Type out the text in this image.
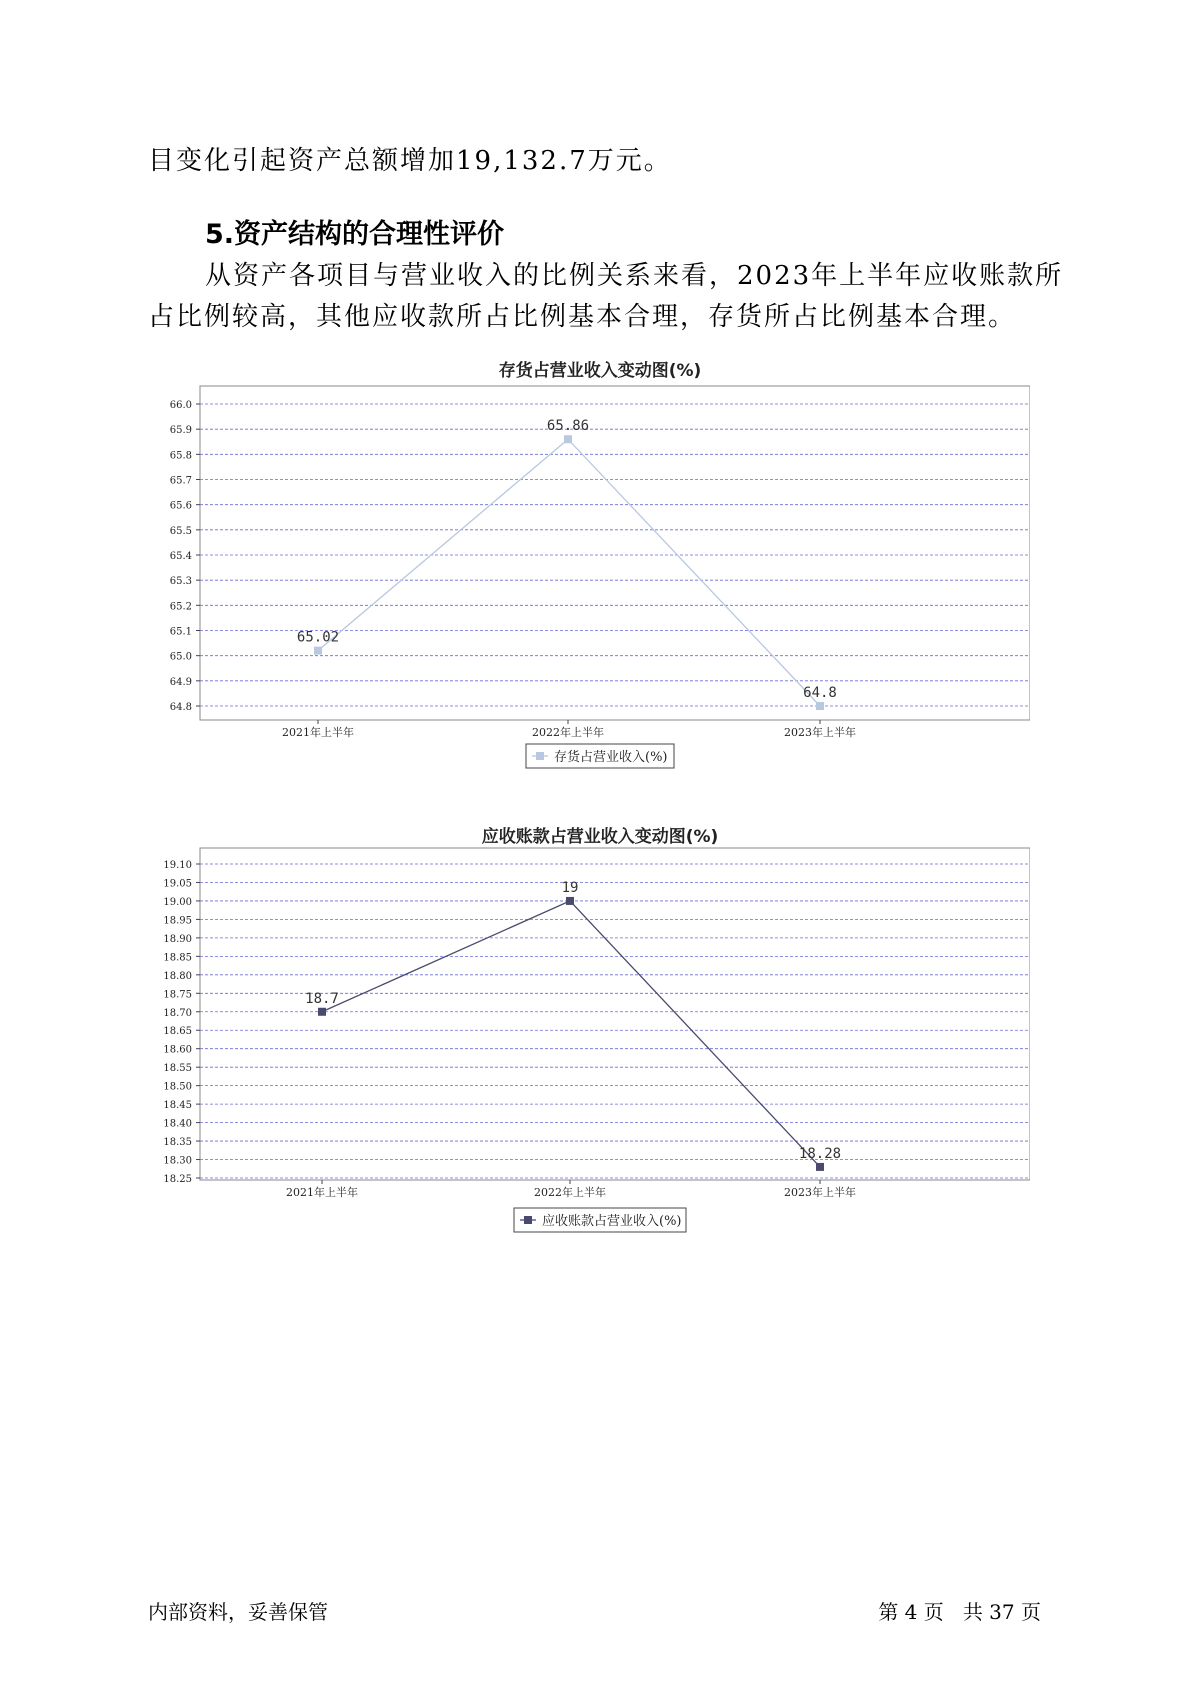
目变化引起资产总额增加19,132.7万元。

5.资产结构的合理性评价

从资产各项目与营业收入的比例关系来看，2023年上半年应收账款所

占比例较高，其他应收款所占比例基本合理，存货所占比例基本合理。

存货占营业收入变动图(%)
64.8
64.9
65.0
65.1
65.2
65.3
65.4
65.5
65.6
65.7
65.8
65.9
66.0
2021年上半年	2022年上半年	2023年上半年
65.02
65.86
64.8
存货占营业收入(%)
应收账款占营业收入变动图(%)
18.25
18.30
18.35
18.40
18.45
18.50
18.55
18.60
18.65
18.70
18.75
18.80
18.85
18.90
18.95
19.00
19.05
19.10
2021年上半年	2022年上半年	2023年上半年
18.7
19
18.28
应收账款占营业收入(%)
内部资料，妥善保管	第 4 页   共 37 页
